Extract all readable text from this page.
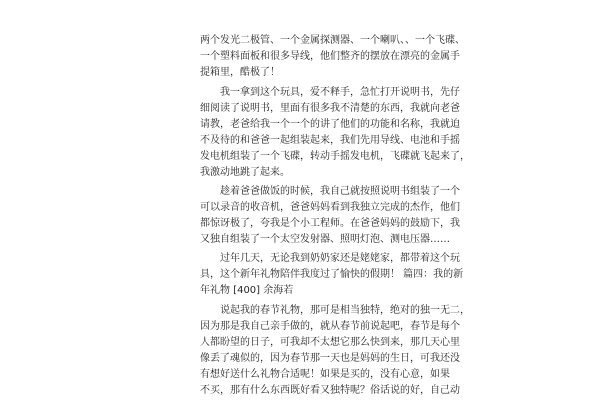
两个发光二极管、一个金属探测器、一个喇叭、、一个飞碟、

一个塑料面板和很多导线，他们整齐的摆放在漂亮的金属手

提箱里，酷极了！

我一拿到这个玩具，爱不释手，急忙打开说明书，先仔

细阅读了说明书，里面有很多我不清楚的东西，我就向老爸

请教，老爸给我一个一个的讲了他们的功能和名称，我就迫

不及待的和爸爸一起组装起来，我们先用导线、电池和手摇

发电机组装了一个飞碟，转动手摇发电机，飞碟就飞起来了，

我激动地跳了起来。

趁着爸爸做饭的时候，我自己就按照说明书组装了一个

可以录音的收音机，爸爸妈妈看到我独立完成的杰作，他们

都惊讶极了，夸我是个小工程师。在爸爸妈妈的鼓励下，我

又独自组装了一个太空发射器、照明灯泡、测电压器……

过年几天，无论我到奶奶家还是姥姥家，都带着这个玩

具，这个新年礼物陪伴我度过了愉快的假期！ 篇四：我的新

年礼物 [400] 余海若

说起我的春节礼物，那可是相当独特，绝对的独一无二，

因为那是我自己亲手做的，就从春节前说起吧，春节是每个

人都盼望的日子，可我却不太想它那么快到来，那几天心里

像丢了魂似的，因为春节那一天也是妈妈的生日，可我还没

有想好送什么礼物合适呢！如果是买的，没有心意，如果

不买，那有什么东西既好看又独特呢？俗话说的好，自己动
